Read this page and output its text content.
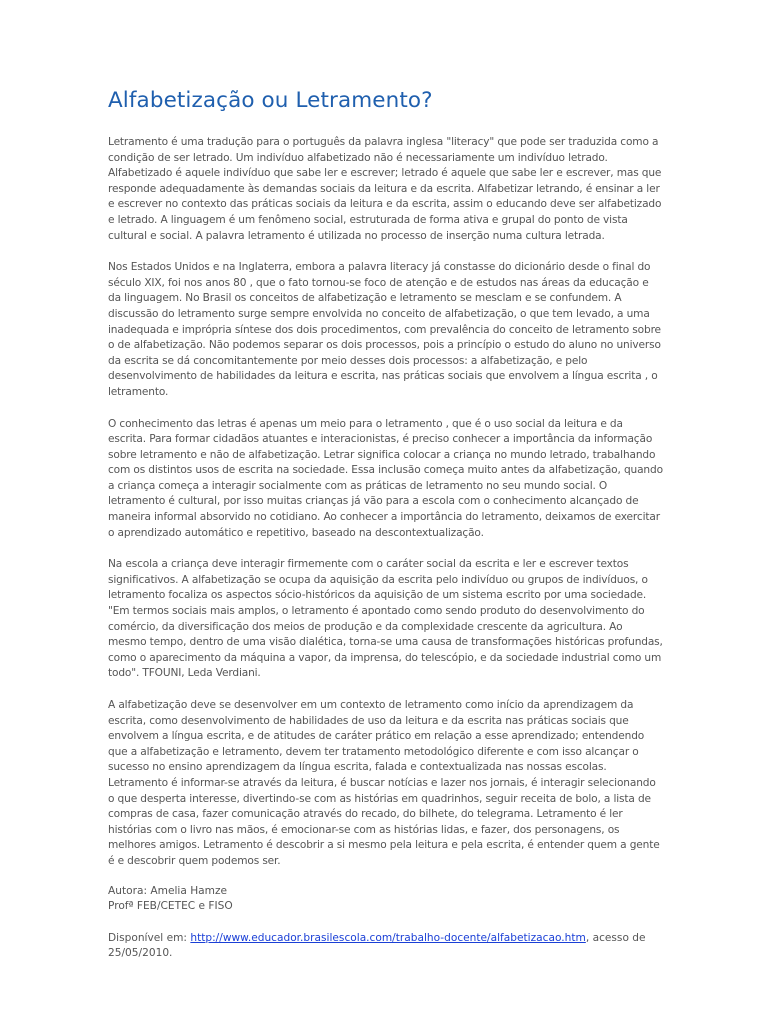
Alfabetização ou Letramento?

Letramento é uma tradução para o português da palavra inglesa "literacy" que pode ser traduzida como a condição de ser letrado. Um indivíduo alfabetizado não é necessariamente um indivíduo letrado. Alfabetizado é aquele indivíduo que sabe ler e escrever; letrado é aquele que sabe ler e escrever, mas que responde adequadamente às demandas sociais da leitura e da escrita. Alfabetizar letrando, é ensinar a ler e escrever no contexto das práticas sociais da leitura e da escrita, assim o educando deve ser alfabetizado e letrado. A linguagem é um fenômeno social, estruturada de forma ativa e grupal do ponto de vista cultural e social. A palavra letramento é utilizada no processo de inserção numa cultura letrada.

Nos Estados Unidos e na Inglaterra, embora a palavra literacy já constasse do dicionário desde o final do século XIX, foi nos anos 80 , que o fato tornou-se foco de atenção e de estudos nas áreas da educação e da linguagem. No Brasil os conceitos de alfabetização e letramento se mesclam e se confundem. A discussão do letramento surge sempre envolvida no conceito de alfabetização, o que tem levado, a uma inadequada e imprópria síntese dos dois procedimentos, com prevalência do conceito de letramento sobre o de alfabetização. Não podemos separar os dois processos, pois a princípio o estudo do aluno no universo da escrita se dá concomitantemente por meio desses dois processos: a alfabetização, e pelo desenvolvimento de habilidades da leitura e escrita, nas práticas sociais que envolvem a língua escrita , o letramento.

O conhecimento das letras é apenas um meio para o letramento , que é o uso social da leitura e da escrita. Para formar cidadãos atuantes e interacionistas, é preciso conhecer a importância da informação sobre letramento e não de alfabetização. Letrar significa colocar a criança no mundo letrado, trabalhando com os distintos usos de escrita na sociedade. Essa inclusão começa muito antes da alfabetização, quando a criança começa a interagir socialmente com as práticas de letramento no seu mundo social. O letramento é cultural, por isso muitas crianças já vão para a escola com o conhecimento alcançado de maneira informal absorvido no cotidiano. Ao conhecer a importância do letramento, deixamos de exercitar o aprendizado automático e repetitivo, baseado na descontextualização.

Na escola a criança deve interagir firmemente com o caráter social da escrita e ler e escrever textos significativos. A alfabetização se ocupa da aquisição da escrita pelo indivíduo ou grupos de indivíduos, o letramento focaliza os aspectos sócio-históricos da aquisição de um sistema escrito por uma sociedade. "Em termos sociais mais amplos, o letramento é apontado como sendo produto do desenvolvimento do comércio, da diversificação dos meios de produção e da complexidade crescente da agricultura. Ao mesmo tempo, dentro de uma visão dialética, torna-se uma causa de transformações históricas profundas, como o aparecimento da máquina a vapor, da imprensa, do telescópio, e da sociedade industrial como um todo". TFOUNI, Leda Verdiani.

A alfabetização deve se desenvolver em um contexto de letramento como início da aprendizagem da escrita, como desenvolvimento de habilidades de uso da leitura e da escrita nas práticas sociais que envolvem a língua escrita, e de atitudes de caráter prático em relação a esse aprendizado; entendendo que a alfabetização e letramento, devem ter tratamento metodológico diferente e com isso alcançar o sucesso no ensino aprendizagem da língua escrita, falada e contextualizada nas nossas escolas. Letramento é informar-se através da leitura, é buscar notícias e lazer nos jornais, é interagir selecionando o que desperta interesse, divertindo-se com as histórias em quadrinhos, seguir receita de bolo, a lista de compras de casa, fazer comunicação através do recado, do bilhete, do telegrama. Letramento é ler histórias com o livro nas mãos, é emocionar-se com as histórias lidas, e fazer, dos personagens, os melhores amigos. Letramento é descobrir a si mesmo pela leitura e pela escrita, é entender quem a gente é e descobrir quem podemos ser.

Autora: Amelia Hamze
Profª FEB/CETEC e FISO

Disponível em: http://www.educador.brasilescola.com/trabalho-docente/alfabetizacao.htm, acesso de 25/05/2010.
